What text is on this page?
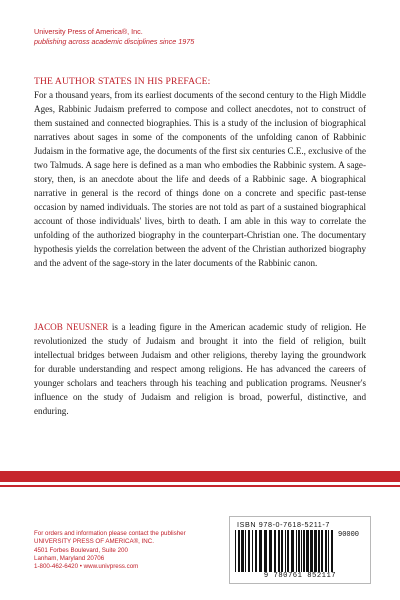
University Press of America®, Inc.
publishing across academic disciplines since 1975
THE AUTHOR STATES IN HIS PREFACE:
For a thousand years, from its earliest documents of the second century to the High Middle Ages, Rabbinic Judaism preferred to compose and collect anecdotes, not to construct of them sustained and connected biographies. This is a study of the inclusion of biographical narratives about sages in some of the components of the unfolding canon of Rabbinic Judaism in the formative age, the documents of the first six centuries C.E., exclusive of the two Talmuds. A sage here is defined as a man who embodies the Rabbinic system. A sage-story, then, is an anecdote about the life and deeds of a Rabbinic sage. A biographical narrative in general is the record of things done on a concrete and specific past-tense occasion by named individuals. The stories are not told as part of a sustained biographical account of those individuals' lives, birth to death. I am able in this way to correlate the unfolding of the authorized biography in the counterpart-Christian one. The documentary hypothesis yields the correlation between the advent of the Christian authorized biography and the advent of the sage-story in the later documents of the Rabbinic canon.
JACOB NEUSNER is a leading figure in the American academic study of religion. He revolutionized the study of Judaism and brought it into the field of religion, built intellectual bridges between Judaism and other religions, thereby laying the groundwork for durable understanding and respect among religions. He has advanced the careers of younger scholars and teachers through his teaching and publication programs. Neusner's influence on the study of Judaism and religion is broad, powerful, distinctive, and enduring.
For orders and information please contact the publisher
UNIVERSITY PRESS OF AMERICA®, INC.
4501 Forbes Boulevard, Suite 200
Lanham, Maryland 20706
1-800-462-6420 • www.univpress.com
ISBN 978-0-7618-5211-7
90000
9 780761 852117
